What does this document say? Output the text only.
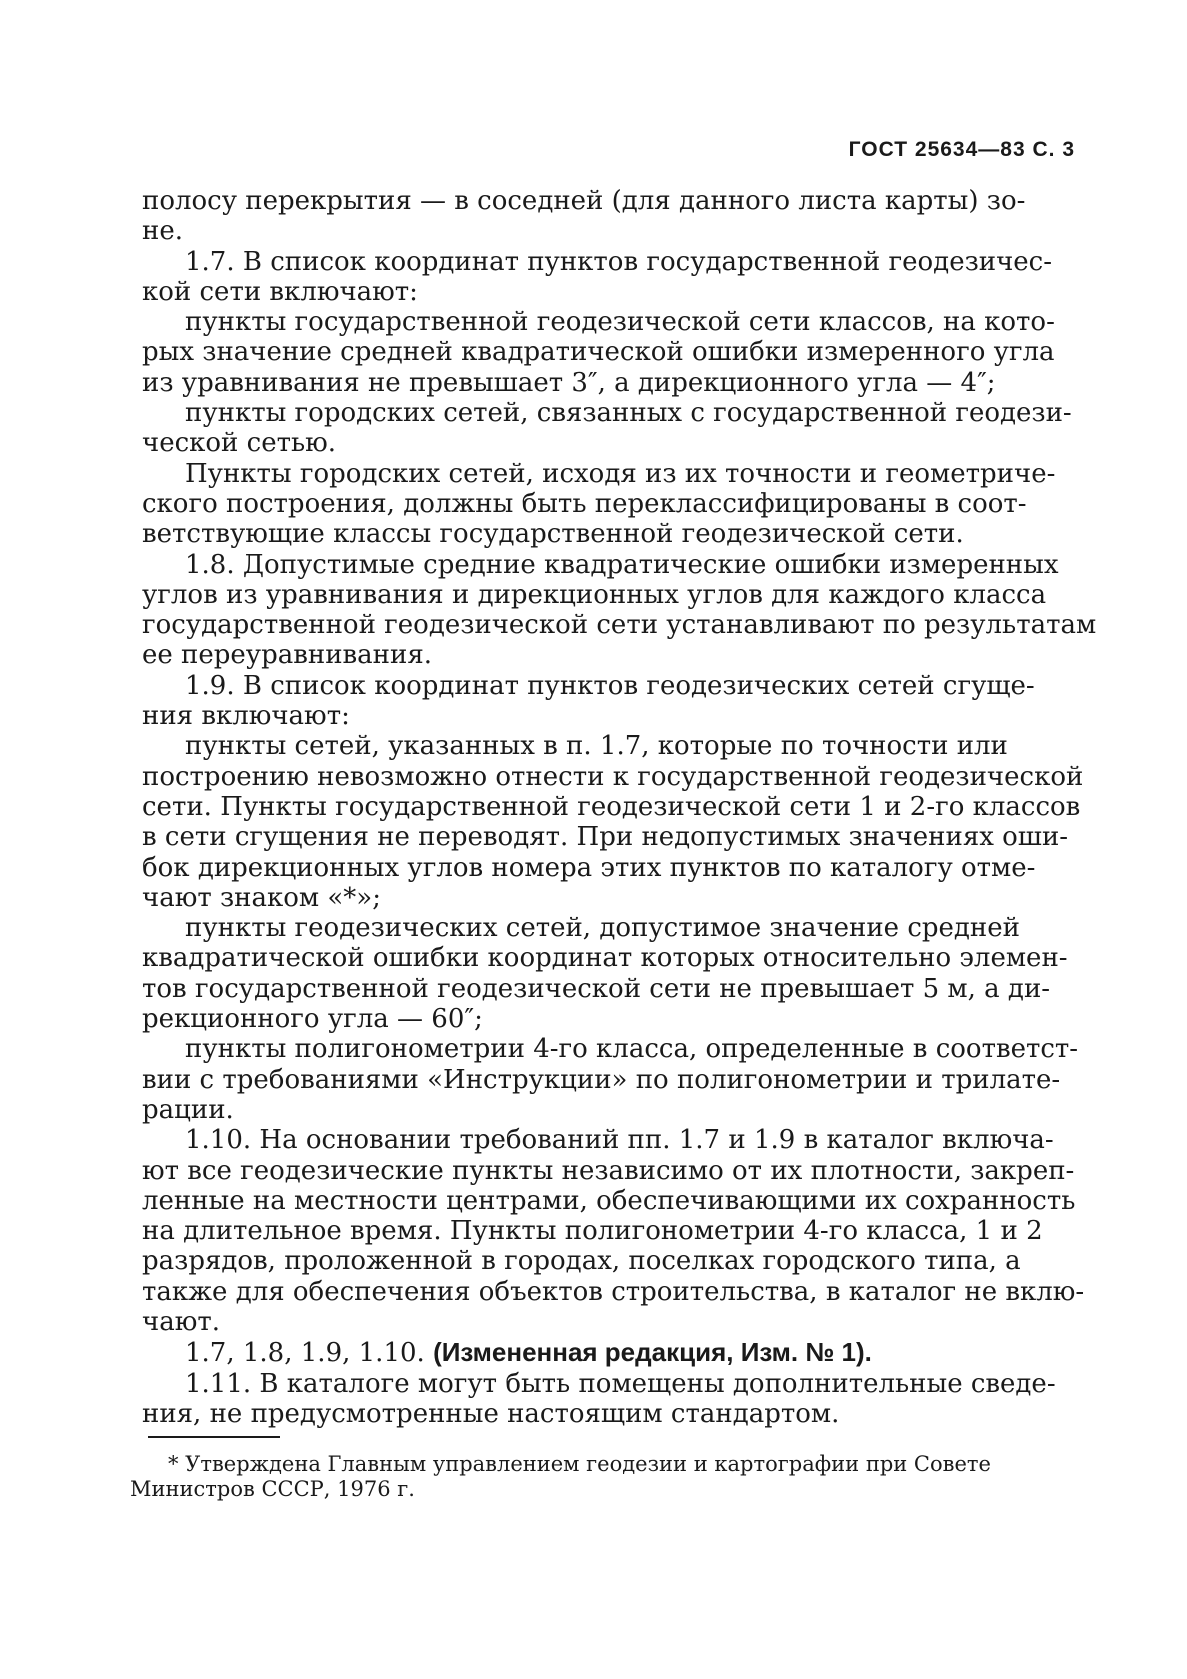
ГОСТ 25634—83 С. 3
полосу перекрытия — в соседней (для данного листа карты) зо-
не.
1.7. В список координат пунктов государственной геодезичес-
кой сети включают:
пункты государственной геодезической сети классов, на кото-
рых значение средней квадратической ошибки измеренного угла
из уравнивания не превышает 3″, а дирекционного угла — 4″;
пункты городских сетей, связанных с государственной геодези-
ческой сетью.
Пункты городских сетей, исходя из их точности и геометриче-
ского построения, должны быть переклассифицированы в соот-
ветствующие классы государственной геодезической сети.
1.8. Допустимые средние квадратические ошибки измеренных
углов из уравнивания и дирекционных углов для каждого класса
государственной геодезической сети устанавливают по результатам
ее переуравнивания.
1.9. В список координат пунктов геодезических сетей сгуще-
ния включают:
пункты сетей, указанных в п. 1.7, которые по точности или
построению невозможно отнести к государственной геодезической
сети. Пункты государственной геодезической сети 1 и 2-го классов
в сети сгущения не переводят. При недопустимых значениях оши-
бок дирекционных углов номера этих пунктов по каталогу отме-
чают знаком «*»;
пункты геодезических сетей, допустимое значение средней
квадратической ошибки координат которых относительно элемен-
тов государственной геодезической сети не превышает 5 м, а ди-
рекционного угла — 60″;
пункты полигонометрии 4-го класса, определенные в соответст-
вии с требованиями «Инструкции» по полигонометрии и трилате-
рации.
1.10. На основании требований пп. 1.7 и 1.9 в каталог включа-
ют все геодезические пункты независимо от их плотности, закреп-
ленные на местности центрами, обеспечивающими их сохранность
на длительное время. Пункты полигонометрии 4-го класса, 1 и 2
разрядов, проложенной в городах, поселках городского типа, а
также для обеспечения объектов строительства, в каталог не вклю-
чают.
1.7, 1.8, 1.9, 1.10. (Измененная редакция, Изм. № 1).
1.11. В каталоге могут быть помещены дополнительные сведе-
ния, не предусмотренные настоящим стандартом.
* Утверждена Главным управлением геодезии и картографии при Совете
Министров СССР, 1976 г.
